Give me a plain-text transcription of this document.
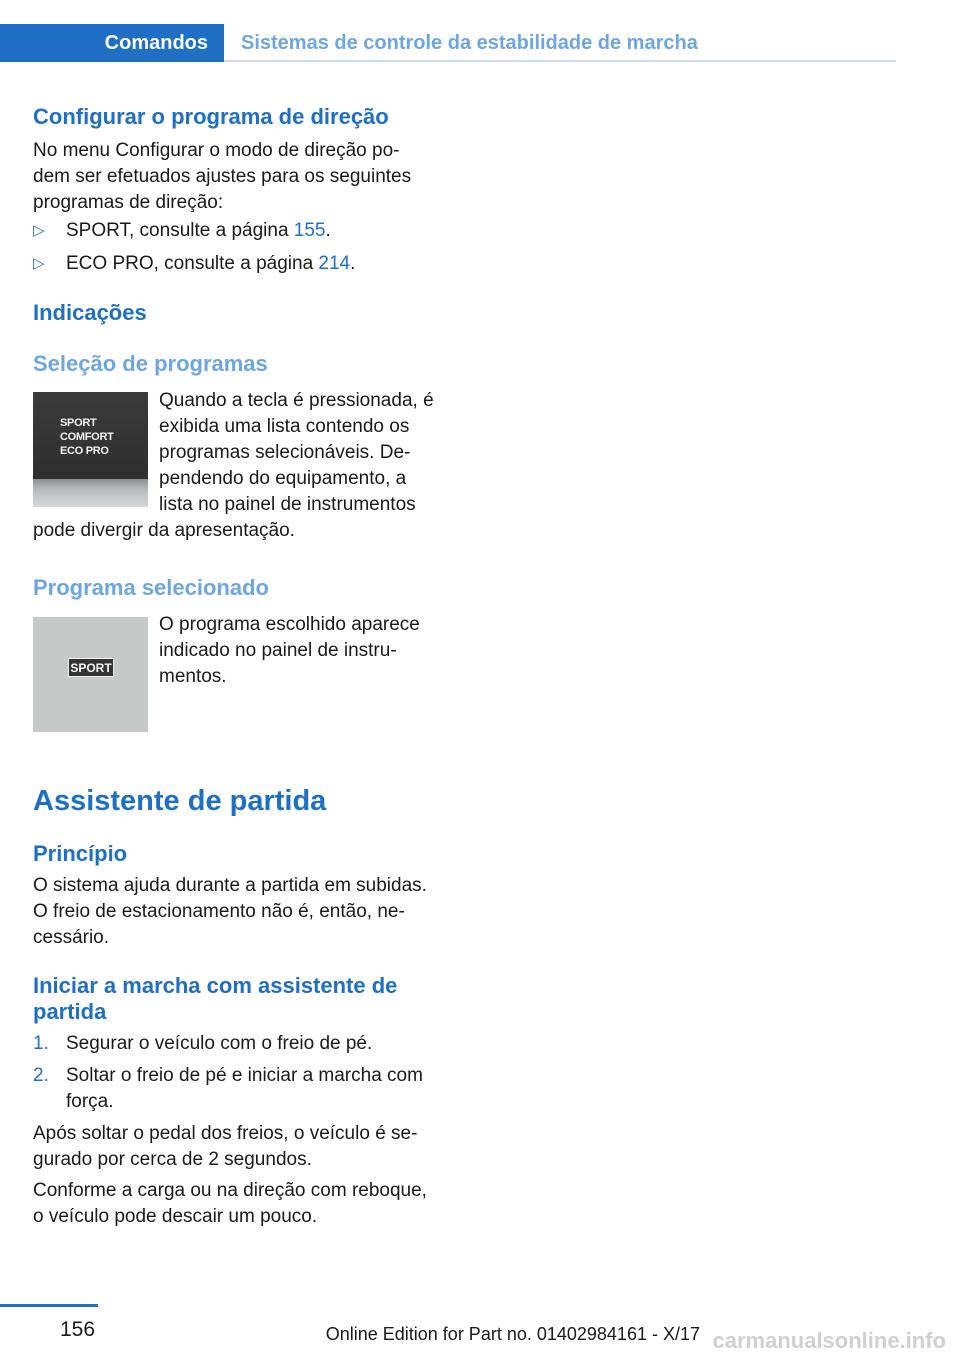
Comandos	Sistemas de controle da estabilidade de marcha
Configurar o programa de direção
No menu Configurar o modo de direção po-
dem ser efetuados ajustes para os seguintes
programas de direção:
▷ SPORT, consulte a página 155.
▷ ECO PRO, consulte a página 214.
Indicações
Seleção de programas
SPORT
COMFORT
ECO PRO
Quando a tecla é pressionada, é
exibida uma lista contendo os
programas selecionáveis. De-
pendendo do equipamento, a
lista no painel de instrumentos
pode divergir da apresentação.
Programa selecionado
SPORT
O programa escolhido aparece
indicado no painel de instru-
mentos.
Assistente de partida
Princípio
O sistema ajuda durante a partida em subidas.
O freio de estacionamento não é, então, ne-
cessário.
Iniciar a marcha com assistente de
partida
1. Segurar o veículo com o freio de pé.
2. Soltar o freio de pé e iniciar a marcha com
força.
Após soltar o pedal dos freios, o veículo é se-
gurado por cerca de 2 segundos.
Conforme a carga ou na direção com reboque,
o veículo pode descair um pouco.
156	Online Edition for Part no. 01402984161 - X/17 carmanualsonline.info
